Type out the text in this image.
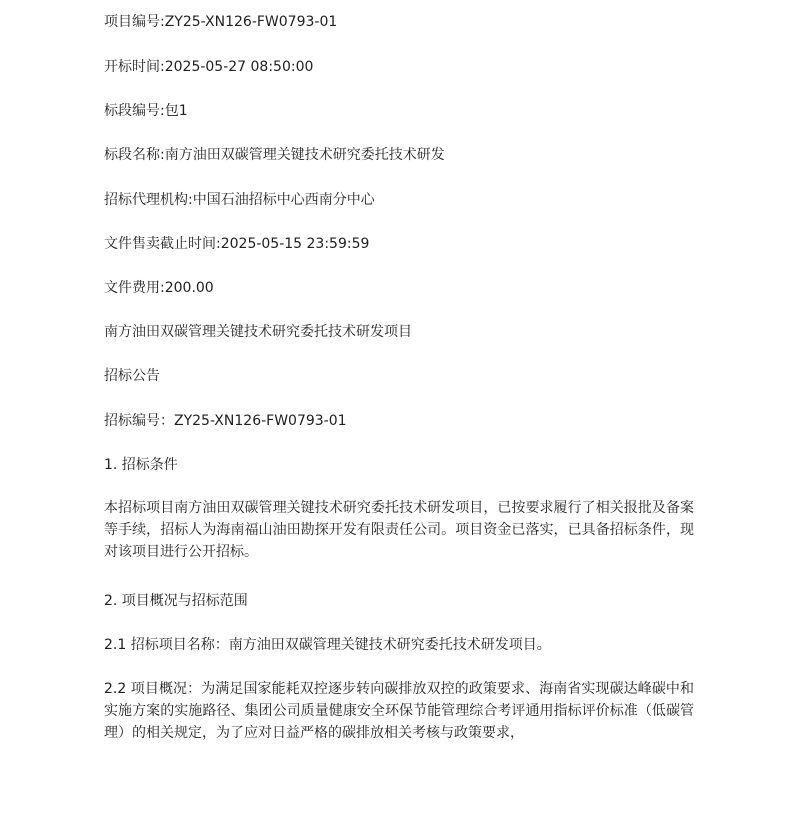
项目编号:ZY25-XN126-FW0793-01
开标时间:2025-05-27 08:50:00
标段编号:包1
标段名称:南方油田双碳管理关键技术研究委托技术研发
招标代理机构:中国石油招标中心西南分中心
文件售卖截止时间:2025-05-15 23:59:59
文件费用:200.00
南方油田双碳管理关键技术研究委托技术研发项目
招标公告
招标编号：ZY25-XN126-FW0793-01
1. 招标条件
本招标项目南方油田双碳管理关键技术研究委托技术研发项目，已按要求履行了相关报批及备案等手续，招标人为海南福山油田勘探开发有限责任公司。项目资金已落实，已具备招标条件，现对该项目进行公开招标。
2. 项目概况与招标范围
2.1 招标项目名称：南方油田双碳管理关键技术研究委托技术研发项目。
2.2 项目概况：为满足国家能耗双控逐步转向碳排放双控的政策要求、海南省实现碳达峰碳中和实施方案的实施路径、集团公司质量健康安全环保节能管理综合考评通用指标评价标准（低碳管理）的相关规定，为了应对日益严格的碳排放相关考核与政策要求，
